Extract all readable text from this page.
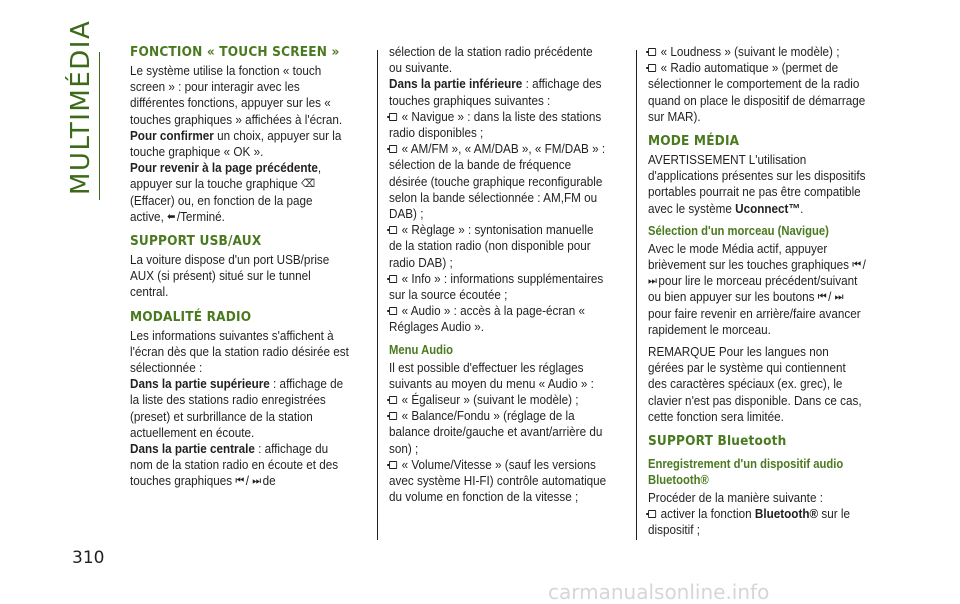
MULTIMÉDIA
310
FONCTION « TOUCH SCREEN »

Le système utilise la fonction « touch screen » : pour interagir avec les différentes fonctions, appuyer sur les « touches graphiques » affichées à l'écran.

Pour confirmer un choix, appuyer sur la touche graphique « OK ».

Pour revenir à la page précédente, appuyer sur la touche graphique ⌫ (Effacer) ou, en fonction de la page active, ⬅ /Terminé.

SUPPORT USB/AUX

La voiture dispose d'un port USB/prise AUX (si présent) situé sur le tunnel central.

MODALITÉ RADIO

Les informations suivantes s'affichent à l'écran dès que la station radio désirée est sélectionnée :

Dans la partie supérieure : affichage de la liste des stations radio enregistrées (preset) et surbrillance de la station actuellement en écoute.

Dans la partie centrale : affichage du nom de la station radio en écoute et des touches graphiques ⏮ / ⏭ de

sélection de la station radio précédente ou suivante.

Dans la partie inférieure : affichage des touches graphiques suivantes :

« Navigue » : dans la liste des stations radio disponibles ;

« AM/FM », « AM/DAB », « FM/DAB » : sélection de la bande de fréquence désirée (touche graphique reconfigurable selon la bande sélectionnée : AM,FM ou DAB) ;

« Règlage » : syntonisation manuelle de la station radio (non disponible pour radio DAB) ;

« Info » : informations supplémentaires sur la source écoutée ;

« Audio » : accès à la page-écran « Réglages Audio ».

Menu Audio

Il est possible d'effectuer les réglages suivants au moyen du menu « Audio » :

« Égaliseur » (suivant le modèle) ;

« Balance/Fondu » (réglage de la balance droite/gauche et avant/arrière du son) ;

« Volume/Vitesse » (sauf les versions avec système HI-FI) contrôle automatique du volume en fonction de la vitesse ;

« Loudness » (suivant le modèle) ;

« Radio automatique » (permet de sélectionner le comportement de la radio quand on place le dispositif de démarrage sur MAR).

MODE MÉDIA

AVERTISSEMENT L'utilisation d'applications présentes sur les dispositifs portables pourrait ne pas être compatible avec le système Uconnect™.

Sélection d'un morceau (Navigue)

Avec le mode Média actif, appuyer brièvement sur les touches graphiques ⏮ / ⏭ pour lire le morceau précédent/suivant ou bien appuyer sur les boutons ⏮ / ⏭ pour faire revenir en arrière/faire avancer rapidement le morceau.

REMARQUE Pour les langues non gérées par le système qui contiennent des caractères spéciaux (ex. grec), le clavier n'est pas disponible. Dans ce cas, cette fonction sera limitée.

SUPPORT Bluetooth
Enregistrement d'un dispositif audio Bluetooth®

Procéder de la manière suivante :

activer la fonction Bluetooth® sur le dispositif ;

carmanualsonline.info
